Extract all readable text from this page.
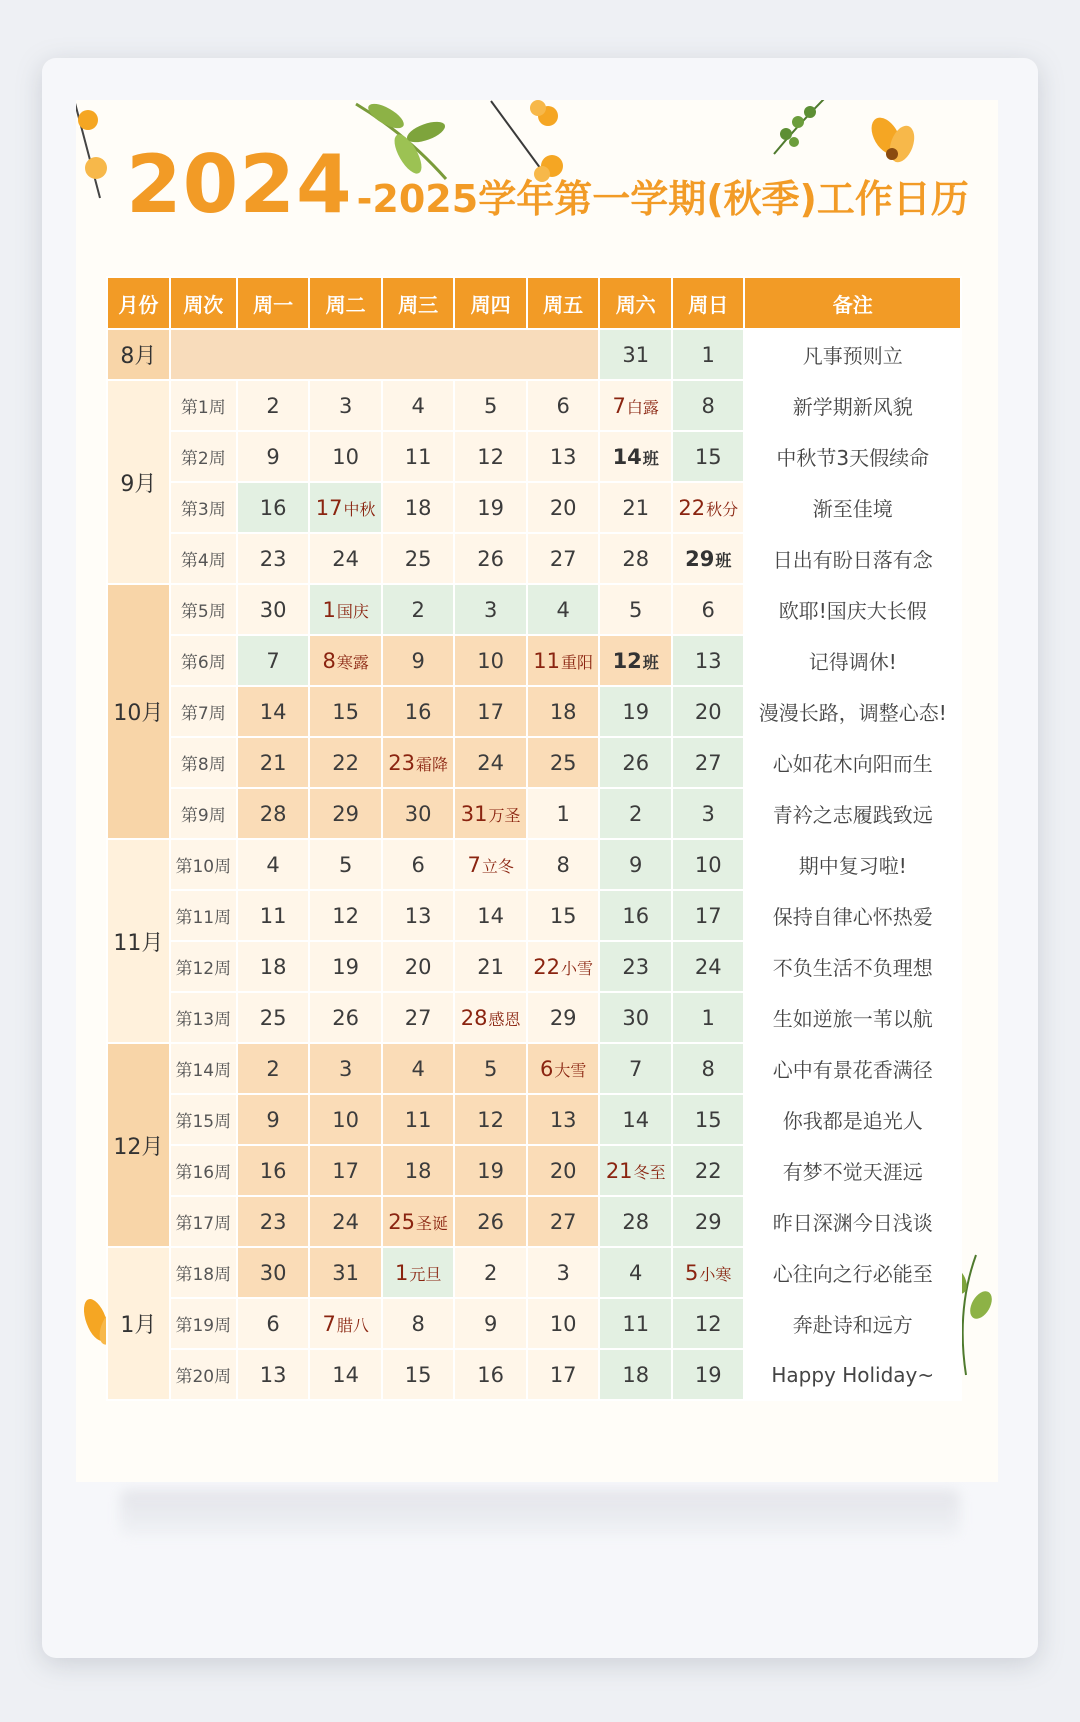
2024 -2025学年第一学期(秋季)工作日历
月份	周次	周一	周二	周三	周四	周五	周六	周日	备注
8月							31	1	凡事预则立
9月	第1周	2	3	4	5	6	7白露	8	新学期新风貌
	第2周	9	10	11	12	13	14班	15	中秋节3天假续命
	第3周	16	17中秋	18	19	20	21	22秋分	渐至佳境
	第4周	23	24	25	26	27	28	29班	日出有盼日落有念
10月	第5周	30	1国庆	2	3	4	5	6	欧耶!国庆大长假
	第6周	7	8寒露	9	10	11重阳	12班	13	记得调休!
	第7周	14	15	16	17	18	19	20	漫漫长路，调整心态!
	第8周	21	22	23霜降	24	25	26	27	心如花木向阳而生
	第9周	28	29	30	31万圣	1	2	3	青衿之志履践致远
11月	第10周	4	5	6	7立冬	8	9	10	期中复习啦!
	第11周	11	12	13	14	15	16	17	保持自律心怀热爱
	第12周	18	19	20	21	22小雪	23	24	不负生活不负理想
	第13周	25	26	27	28感恩	29	30	1	生如逆旅一苇以航
12月	第14周	2	3	4	5	6大雪	7	8	心中有景花香满径
	第15周	9	10	11	12	13	14	15	你我都是追光人
	第16周	16	17	18	19	20	21冬至	22	有梦不觉天涯远
	第17周	23	24	25圣诞	26	27	28	29	昨日深渊今日浅谈
1月	第18周	30	31	1元旦	2	3	4	5小寒	心往向之行必能至
	第19周	6	7腊八	8	9	10	11	12	奔赴诗和远方
	第20周	13	14	15	16	17	18	19	Happy Holiday~
